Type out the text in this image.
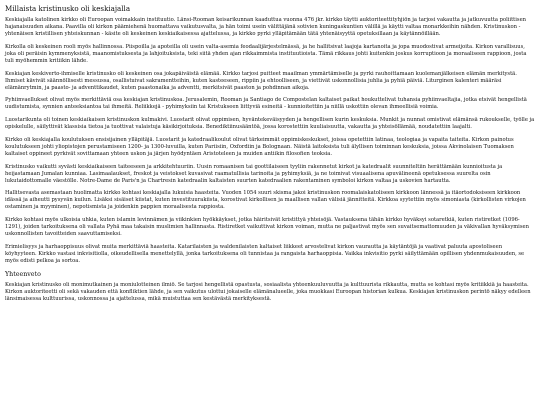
Millaista kristinusko oli keskiajalla

Keskiajalla katolinen kirkko oli Euroopan voimakkain instituutio. Länsi-Rooman keisarikunnan kaaduttua vuonna 476 jkr. kirkko täytti auktoriteettityhjiön ja tarjosi vakautta ja jatkuvuutta poliittisen hajanaisuuden aikana. Paavilla oli kirkon päämiehenä huomattava vaikutusvalta, ja hän toimi usein välittäjänä sotivien kuningaskuntien välillä ja käytti valtaa monarkkeihin nähden. Kristinuskon - yhtenäisen kristillisen yhteiskunnan - käsite oli keskeinen keskiaikaisessa ajattelussa, ja kirkko pyrki ylläpitämään tätä yhtenäisyyttä opetuksillaan ja käytännöillään.

Kirkolla oli keskeinen rooli myös hallinnossa. Piispoilla ja apoteilla oli usein valta-asemia feodaalijärjestelmässä, ja he hallitsivat laajoja kartanoita ja jopa muodostivat armeijoita. Kirkon varallisuus, joka oli peräisin kymmenyksistä, maanomistuksesta ja lahjoituksista, teki siitä yhden ajan rikkaimmista instituutioista. Tämä rikkaus johti kuitenkin joskus korruptioon ja moraaliseen rappioon, josta tuli myöhemmin kritiikin lähde.

Keskiajan keskiverto-ihmiselle kristinusko oli keskeinen osa jokapäiväistä elämää. Kirkko tarjosi puitteet maailman ymmärtämiselle ja pyrki rauhoittamaan kuolemanjälkeisen elämän merkitystä. Ihmiset kävivät säännöllisesti messussa, osallistuivat sakramentteihin, kuten kasteeseen, rippiin ja ehtoolliseen, ja viettivät uskonnollisia juhlia ja pyhiä päiviä. Liturginen kalenteri määräsi elämänrytmin, ja paasto- ja adventtikaudet, kuten paastonaika ja adventti, merkitsivät paaston ja pohdinnan aikoja.

Pyhiinvaellukset olivat myös merkittäviä osa keskiajan kristinuskoa. Jerusalemin, Rooman ja Santiago de Compostelan kaltaiset paikat houkuttelivat tuhansia pyhiinvaeltajia, jotka etsivät hengellistä uudistumista, synnien anteeksiantoa tai ihmeitä. Reliikkejä - pyhimyksiin tai Kristukseen liittyviä esineitä - kunnioitettiin ja niillä uskottiin olevan ihmeellisiä voimia.

Luostarikunta oli toinen keskiaikaisen kristinuskon kulmakivi. Luostarit olivat oppimisen, hyväntekeväisyyden ja hengellisen kurin keskuksia. Munkit ja nunnat omistivat elämänsä rukoukselle, työlle ja opiskelulle, säilyttivät klassisia tietoa ja tuottivat valaistuja käsikirjoituksia. Benediktiinusääntöä, jossa korostettiin kuuliaisuutta, vakautta ja yhteisöllämää, noudatettiin laajalti.

Kirkko oli keskiajalla koulutuksen ensisijainen ylläpitäjä. Luostarit ja katedraalikoulut olivat tärkeimmät oppimiskeskukset, joissa opetettiin latinaa, teologiaa ja vapaita taiteita. Kirkon painotus koulutukseen johti yliopistojen perustamiseen 1200- ja 1300-luvuilla, kuten Pariisiin, Oxfordiin ja Bolognaan. Näistä laitoksista tuli älyllisen toiminnan keskuksia, joissa Akvinolaisen Tuomaksen kaltaiset oppineet pyrkivät sovittamaan yhteen uskon ja järjen hyödyntäen Aristoteleen ja muiden antiikin filosofien teoksia.

Kristinusko vaikutti syvästi keskiaikaiseen taiteeseen ja arkkitehtuuriin. Uusin romaanisen tai goottilaiseen tyyliin rakennetut kirkot ja katedraalit suunniteltiin herättämään kunnioitusta ja heijastamaan Jumalan kunniaa. Lasimaalaukset, freskot ja veistokset kuvasivat raamatullisia tarinoita ja pyhimyksiä, ja ne toimivat visuaalisena apuvälineenä opetuksessa suurelta osin lukutaidottomalle väestölle. Notre-Dame de Paris'n ja Chartresin katedraalin kaltaisten suurten katedraalien rakentaminen symboloi kirkon valtaa ja uskovien hartautta.

Hallitsevasta asemastaan huolimatta kirkko kohtasi keskiajalla lukuisia haasteita. Vuoden 1054 suuri skisma jakoi kristinuskon roomalaiskatoliseen kirkkoon lännessä ja itäortodoksiseen kirkkoon idässä ja aiheutti pysyvän kuilun. Lisäksi sisäiset kiistat, kuten investituurakiista, korostivat kirkollisen ja maallisen vallan välisiä jännitteitä. Kirkkoa syytettiin myös simoniasta (kirkollisten virkojen ostaminen ja myyminen), nepotismista ja joidenkin pappien moraalisesta rappiosta.

Kirkko kohtasi myös ulkoisia uhkia, kuten islamin levinnämen ja viikinkien hyökkäykset, jotka häiritsivät kristittyä yhteisöjä. Vastauksena tähän kirkko hyväksyi sotaretkiä, kuten ristiretket (1096-1291), joiden tarkoituksena oli vallata Pyhä maa takaisin muslimien hallinnasta. Ristiretket vaikuttivat kirkon voiman, mutta ne paljastivat myös sen suvaitsemattomuuden ja väkivallan hyväksymisen uskonnollisten tavoitteiden saavuttamiseksi.

Erimielisyys ja harhaoppisuus olivat muita merkittäviä haasteita. Katarilaisten ja waldenilaisten kaltaiset liikkeet arvostelivat kirkon vaurautta ja käytäntöjä ja vaativat paluuta apostoliseen köyhyyteen. Kirkko vastasi inkvisitiolla, oikeudellisella menettelyllä, jonka tarkoituksena oli tunnistaa ja rangaista harhaoppisia. Vaikka inkvisitio pyrki säilyttämään opillisen yhdenmukaisuuden, se myös edisti pelkoa ja sortoa.

Yhteenveto

Keskiajan kristinusko oli monimutkainen ja moniulotteinen ilmiö. Se tarjosi hengellistä opastusta, sosiaalista yhteenkuuluvuutta ja kulttuurista rikkautta, mutta se kohtasi myös kritiikkiä ja haasteita. Kirkon auktoriteetti oli sekä vakauden että konfliktien lähde, ja sen vaikutus ulottui jokaiselle elämänalueelle, joka muokkasi Euroopan historian kulkua. Keskiajan kristinuskon perintö näkyy edelleen länsimaisessa kulttuurissa, uskonnossa ja ajattelussa, mikä muistuttaa sen kestävästä merkityksestä.
